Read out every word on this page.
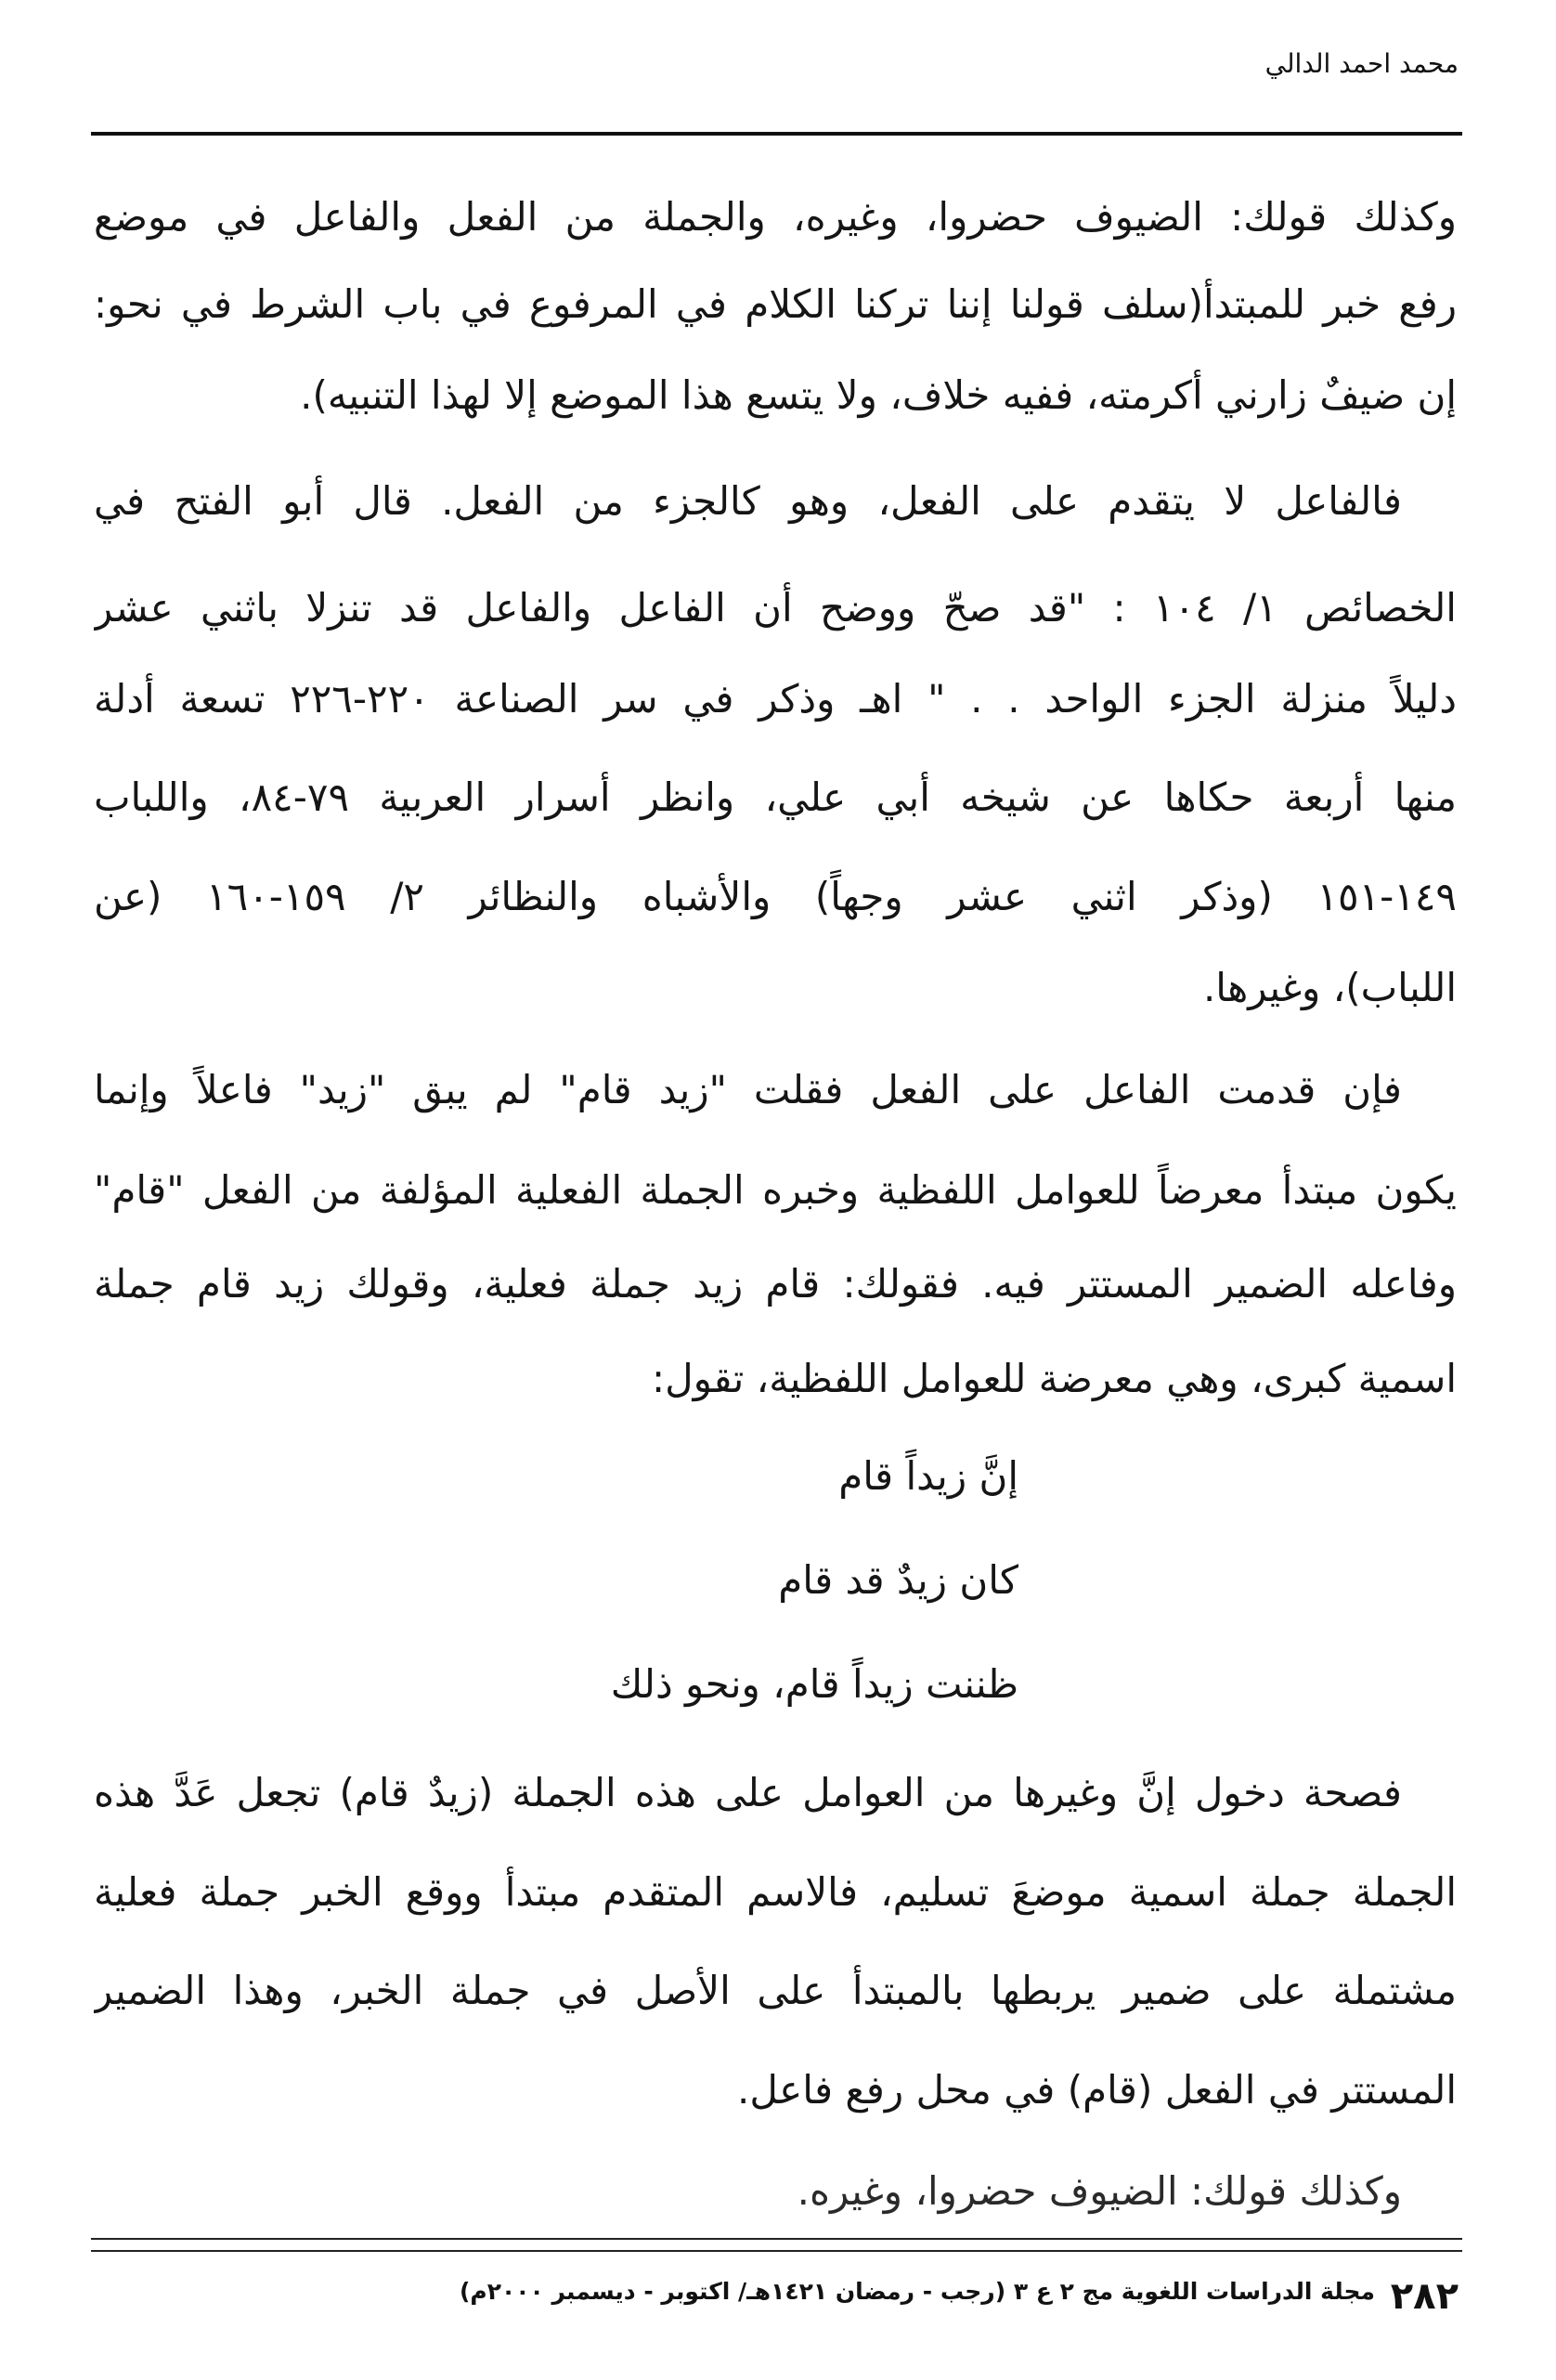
محمد احمد الدالي
وكذلك قولك: الضيوف حضروا، وغيره، والجملة من الفعل والفاعل في موضع
رفع خبر للمبتدأ(سلف قولنا إننا تركنا الكلام في المرفوع في باب الشرط في نحو:
إن ضيفٌ زارني أكرمته، ففيه خلاف، ولا يتسع هذا الموضع إلا لهذا التنبيه).
فالفاعل لا يتقدم على الفعل، وهو كالجزء من الفعل. قال أبو الفتح في
الخصائص ١/ ١٠٤ : "قد صحّ ووضح أن الفاعل والفاعل قد تنزلا باثني عشر
دليلاً منزلة الجزء الواحد . . " اهـ وذكر في سر الصناعة ٢٢٠-٢٢٦ تسعة أدلة
منها أربعة حكاها عن شيخه أبي علي، وانظر أسرار العربية ٧٩-٨٤، واللباب
١٤٩-١٥١ (وذكر اثني عشر وجهاً) والأشباه والنظائر ٢/ ١٥٩-١٦٠ (عن
اللباب)، وغيرها.
فإن قدمت الفاعل على الفعل فقلت "زيد قام" لم يبق "زيد" فاعلاً وإنما
يكون مبتدأ معرضاً للعوامل اللفظية وخبره الجملة الفعلية المؤلفة من الفعل "قام"
وفاعله الضمير المستتر فيه. فقولك: قام زيد جملة فعلية، وقولك زيد قام جملة
اسمية كبرى، وهي معرضة للعوامل اللفظية، تقول:
إنَّ زيداً قام
كان زيدٌ قد قام
ظننت زيداً قام، ونحو ذلك
فصحة دخول إنَّ وغيرها من العوامل على هذه الجملة (زيدٌ قام) تجعل عَدَّ هذه
الجملة جملة اسمية موضعَ تسليم، فالاسم المتقدم مبتدأ ووقع الخبر جملة فعلية
مشتملة على ضمير يربطها بالمبتدأ على الأصل في جملة الخبر، وهذا الضمير
المستتر في الفعل (قام) في محل رفع فاعل.
وكذلك قولك: الضيوف حضروا، وغيره.
٢٨٢
مجلة الدراسات اللغوية مج ٢ ع ٣ (رجب - رمضان ١٤٢١هـ/ اكتوبر - ديسمبر ٢٠٠٠م)
